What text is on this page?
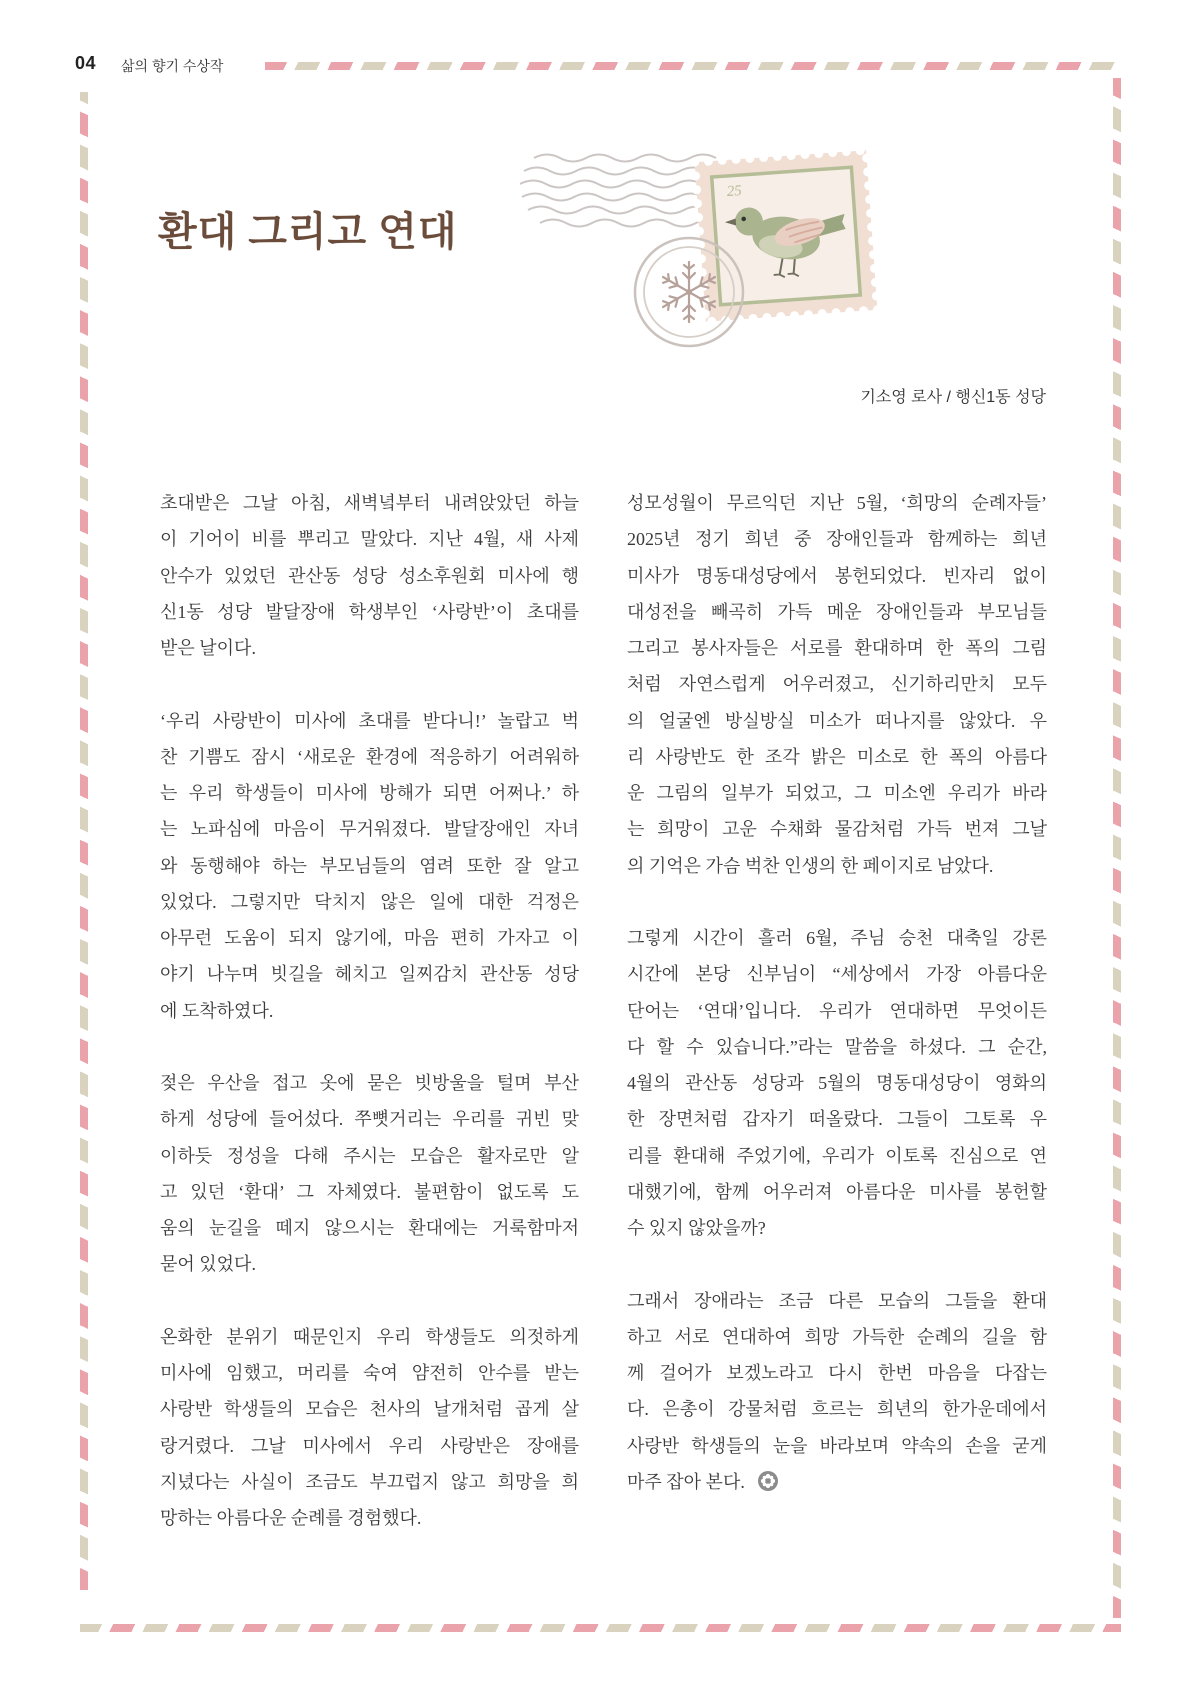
04 삶의 향기 수상작
환대 그리고 연대
25
기소영 로사 / 행신1동 성당
초대받은 그날 아침, 새벽녘부터 내려앉았던 하늘
이 기어이 비를 뿌리고 말았다. 지난 4월, 새 사제
안수가 있었던 관산동 성당 성소후원회 미사에 행
신1동 성당 발달장애 학생부인 ‘사랑반’이 초대를
받은 날이다.
‘우리 사랑반이 미사에 초대를 받다니!’ 놀랍고 벅
찬 기쁨도 잠시 ‘새로운 환경에 적응하기 어려워하
는 우리 학생들이 미사에 방해가 되면 어쩌나.’ 하
는 노파심에 마음이 무거워졌다. 발달장애인 자녀
와 동행해야 하는 부모님들의 염려 또한 잘 알고
있었다. 그렇지만 닥치지 않은 일에 대한 걱정은
아무런 도움이 되지 않기에, 마음 편히 가자고 이
야기 나누며 빗길을 헤치고 일찌감치 관산동 성당
에 도착하였다.
젖은 우산을 접고 옷에 묻은 빗방울을 털며 부산
하게 성당에 들어섰다. 쭈뼛거리는 우리를 귀빈 맞
이하듯 정성을 다해 주시는 모습은 활자로만 알
고 있던 ‘환대’ 그 자체였다. 불편함이 없도록 도
움의 눈길을 떼지 않으시는 환대에는 거룩함마저
묻어 있었다.
온화한 분위기 때문인지 우리 학생들도 의젓하게
미사에 임했고, 머리를 숙여 얌전히 안수를 받는
사랑반 학생들의 모습은 천사의 날개처럼 곱게 살
랑거렸다. 그날 미사에서 우리 사랑반은 장애를
지녔다는 사실이 조금도 부끄럽지 않고 희망을 희
망하는 아름다운 순례를 경험했다.
성모성월이 무르익던 지난 5월, ‘희망의 순례자들’
2025년 정기 희년 중 장애인들과 함께하는 희년
미사가 명동대성당에서 봉헌되었다. 빈자리 없이
대성전을 빼곡히 가득 메운 장애인들과 부모님들
그리고 봉사자들은 서로를 환대하며 한 폭의 그림
처럼 자연스럽게 어우러졌고, 신기하리만치 모두
의 얼굴엔 방실방실 미소가 떠나지를 않았다. 우
리 사랑반도 한 조각 밝은 미소로 한 폭의 아름다
운 그림의 일부가 되었고, 그 미소엔 우리가 바라
는 희망이 고운 수채화 물감처럼 가득 번져 그날
의 기억은 가슴 벅찬 인생의 한 페이지로 남았다.
그렇게 시간이 흘러 6월, 주님 승천 대축일 강론
시간에 본당 신부님이 “세상에서 가장 아름다운
단어는 ‘연대’입니다. 우리가 연대하면 무엇이든
다 할 수 있습니다.”라는 말씀을 하셨다. 그 순간,
4월의 관산동 성당과 5월의 명동대성당이 영화의
한 장면처럼 갑자기 떠올랐다. 그들이 그토록 우
리를 환대해 주었기에, 우리가 이토록 진심으로 연
대했기에, 함께 어우러져 아름다운 미사를 봉헌할
수 있지 않았을까?
그래서 장애라는 조금 다른 모습의 그들을 환대
하고 서로 연대하여 희망 가득한 순례의 길을 함
께 걸어가 보겠노라고 다시 한번 마음을 다잡는
다. 은총이 강물처럼 흐르는 희년의 한가운데에서
사랑반 학생들의 눈을 바라보며 약속의 손을 굳게
마주 잡아 본다.
